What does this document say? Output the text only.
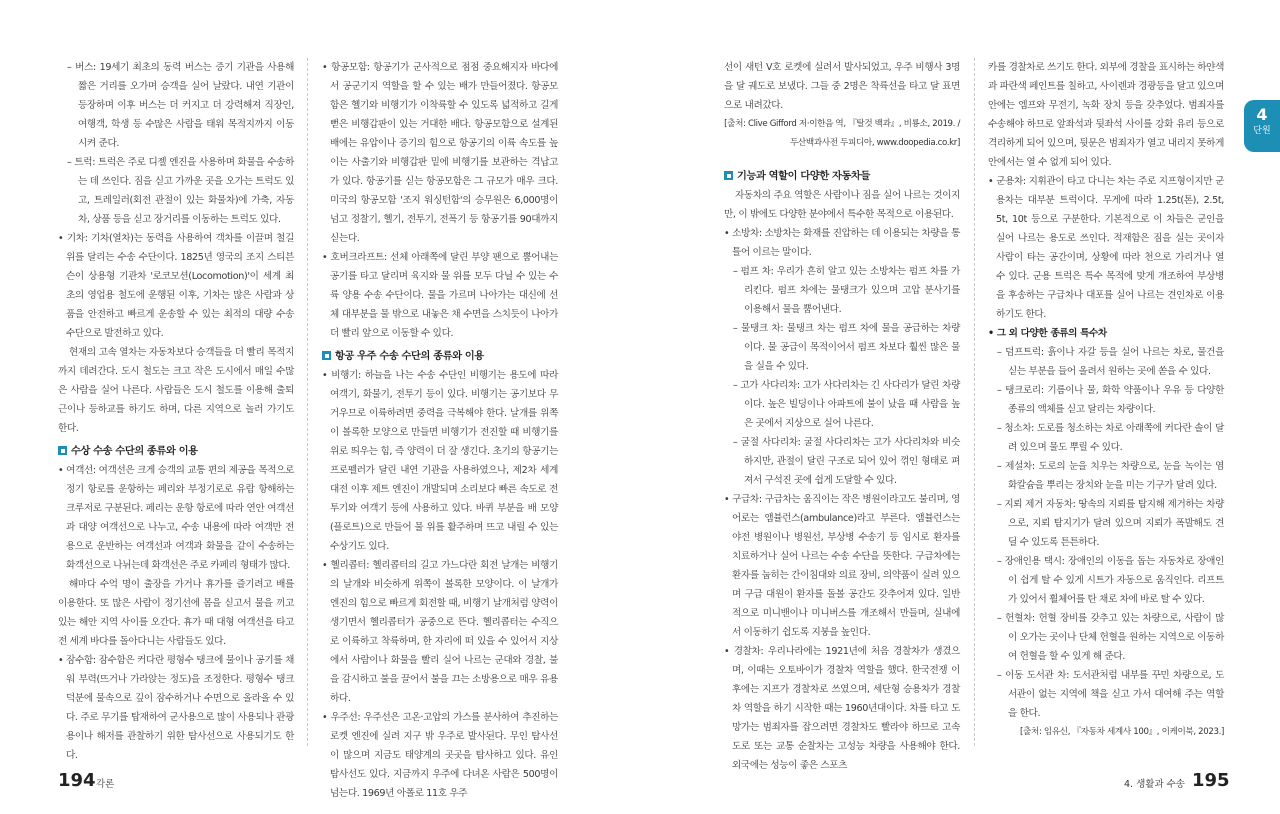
4
단원

– 버스: 19세기 최초의 동력 버스는 증기 기관을 사용해 짧은 거리를 오가며 승객을 실어 날랐다. 내연 기관이 등장하며 이후 버스는 더 커지고 더 강력해져 직장인, 여행객, 학생 등 수많은 사람을 태워 목적지까지 이동시켜 준다.

– 트럭: 트럭은 주로 디젤 엔진을 사용하며 화물을 수송하는 데 쓰인다. 짐을 싣고 가까운 곳을 오가는 트럭도 있고, 트레일러(회전 관절이 있는 화물차)에 가축, 자동차, 상품 등을 싣고 장거리를 이동하는 트럭도 있다.

• 기차: 기차(열차)는 동력을 사용하여 객차를 이끌며 철길 위를 달리는 수송 수단이다. 1825년 영국의 조지 스티븐슨이 상용형 기관차 '로코모션(Locomotion)'이 세계 최초의 영업용 철도에 운행된 이후, 기차는 많은 사람과 상품을 안전하고 빠르게 운송할 수 있는 최적의 대량 수송 수단으로 발전하고 있다.

현재의 고속 열차는 자동차보다 승객들을 더 빨리 목적지까지 데려간다. 도시 철도는 크고 작은 도시에서 매일 수많은 사람을 실어 나른다. 사람들은 도시 철도를 이용해 출퇴근이나 등하교를 하기도 하며, 다른 지역으로 놀러 가기도 한다.

수상 수송 수단의 종류와 이용

• 여객선: 여객선은 크게 승객의 교통 편의 제공을 목적으로 정기 항로를 운항하는 페리와 부정기로로 유람 항해하는 크루저로 구분된다. 페리는 운항 항로에 따라 연안 여객선과 대양 여객선으로 나누고, 수송 내용에 따라 여객만 전용으로 운반하는 여객선과 여객과 화물을 같이 수송하는 화객선으로 나뉘는데 화객선은 주로 카페리 형태가 많다.

해마다 수억 명이 출장을 가거나 휴가를 즐기려고 배를 이용한다. 또 많은 사람이 정기선에 몸을 싣고서 물을 끼고 있는 해안 지역 사이를 오간다. 휴가 때 대형 여객선을 타고 전 세계 바다를 돌아다니는 사람들도 있다.

• 잠수함: 잠수함은 커다란 평형수 탱크에 물이나 공기를 채워 부력(뜨거나 가라앉는 정도)을 조정한다. 평형수 탱크 덕분에 물속으로 깊이 잠수하거나 수면으로 올라올 수 있다. 주로 무기를 탑재하여 군사용으로 많이 사용되나 관광용이나 해저를 관찰하기 위한 탐사선으로 사용되기도 한다.

• 항공모함: 항공기가 군사적으로 점점 중요해지자 바다에서 공군기지 역할을 할 수 있는 배가 만들어졌다. 항공모함은 헬기와 비행기가 이착륙할 수 있도록 넓적하고 길게 뻗은 비행갑판이 있는 거대한 배다. 항공모함으로 설계된 배에는 유압이나 증기의 힘으로 항공기의 이륙 속도를 높이는 사출기와 비행갑판 밑에 비행기를 보관하는 격납고가 있다. 항공기를 싣는 항공모함은 그 규모가 매우 크다. 미국의 항공모함 '조지 워싱턴함'의 승무원은 6,000명이 넘고 정찰기, 헬기, 전투기, 전폭기 등 항공기를 90대까지 싣는다.

• 호버크라프트: 선체 아래쪽에 달린 부양 팬으로 뿜어내는 공기를 타고 달리며 육지와 물 위를 모두 다닐 수 있는 수륙 양용 수송 수단이다. 물을 가르며 나아가는 대신에 선체 대부분을 물 밖으로 내놓은 채 수면을 스치듯이 나아가 더 빨리 앞으로 이동할 수 있다.

항공 우주 수송 수단의 종류와 이용

• 비행기: 하늘을 나는 수송 수단인 비행기는 용도에 따라 여객기, 화물기, 전투기 등이 있다. 비행기는 공기보다 무거우므로 이륙하려면 중력을 극복해야 한다. 날개를 위쪽이 볼록한 모양으로 만들면 비행기가 전진할 때 비행기를 위로 띄우는 힘, 즉 양력이 더 잘 생긴다. 초기의 항공기는 프로펠러가 달린 내연 기관을 사용하였으나, 제2차 세계대전 이후 제트 엔진이 개발되며 소리보다 빠른 속도로 전투기와 여객기 등에 사용하고 있다. 바퀴 부분을 배 모양(플로트)으로 만들어 물 위를 활주하며 뜨고 내릴 수 있는 수상기도 있다.

• 헬리콥터: 헬리콥터의 길고 가느다란 회전 날개는 비행기의 날개와 비슷하게 위쪽이 볼록한 모양이다. 이 날개가 엔진의 힘으로 빠르게 회전할 때, 비행기 날개처럼 양력이 생기면서 헬리콥터가 공중으로 뜬다. 헬리콥터는 수직으로 이륙하고 착륙하며, 한 자리에 떠 있을 수 있어서 지상에서 사람이나 화물을 빨리 실어 나르는 군대와 경찰, 불을 감시하고 불을 끌어서 불을 끄는 소방용으로 매우 유용하다.

• 우주선: 우주선은 고온·고압의 가스를 분사하여 추진하는 로켓 엔진에 실려 지구 밖 우주로 발사된다. 무인 탐사선이 많으며 지금도 태양계의 곳곳을 탐사하고 있다. 유인 탐사선도 있다. 지금까지 우주에 다녀온 사람은 500명이 넘는다. 1969년 아폴로 11호 우주

선이 새턴 V호 로켓에 실려서 발사되었고, 우주 비행사 3명을 달 궤도로 보냈다. 그들 중 2명은 착륙선을 타고 달 표면으로 내려갔다.

[출처: Clive Gifford 저·이한음 역, 『탈것 백과』, 비룡소, 2019. / 두산백과사전 두피디아, www.doopedia.co.kr]

기능과 역할이 다양한 자동차들

자동차의 주요 역할은 사람이나 짐을 실어 나르는 것이지만, 이 밖에도 다양한 분야에서 특수한 목적으로 이용된다.

• 소방차: 소방차는 화재를 진압하는 데 이용되는 차량을 통틀어 이르는 말이다.

– 펌프 차: 우리가 흔히 알고 있는 소방차는 펌프 차를 가리킨다. 펌프 차에는 물탱크가 있으며 고압 분사기를 이용해서 물을 뿜어낸다.

– 물탱크 차: 물탱크 차는 펌프 차에 물을 공급하는 차량이다. 물 공급이 목적이어서 펌프 차보다 훨씬 많은 물을 실을 수 있다.

– 고가 사다리차: 고가 사다리차는 긴 사다리가 달린 차량이다. 높은 빌딩이나 아파트에 불이 났을 때 사람을 높은 곳에서 지상으로 실어 나른다.

– 굴절 사다리차: 굴절 사다리차는 고가 사다리차와 비슷하지만, 관절이 달린 구조로 되어 있어 꺾인 형태로 펴져서 구석진 곳에 쉽게 도달할 수 있다.

• 구급차: 구급차는 움직이는 작은 병원이라고도 불리며, 영어로는 앰뷸런스(ambulance)라고 부른다. 앰뷸런스는 야전 병원이나 병원선, 부상병 수송기 등 임시로 환자를 치료하거나 실어 나르는 수송 수단을 뜻한다. 구급차에는 환자를 눕히는 간이침대와 의료 장비, 의약품이 실려 있으며 구급 대원이 환자를 돌볼 공간도 갖추어져 있다. 일반적으로 미니밴이나 미니버스를 개조해서 만들며, 실내에서 이동하기 쉽도록 지붕을 높인다.

• 경찰차: 우리나라에는 1921년에 처음 경찰차가 생겼으며, 이때는 오토바이가 경찰차 역할을 했다. 한국전쟁 이후에는 지프가 경찰차로 쓰였으며, 세단형 승용차가 경찰차 역할을 하기 시작한 때는 1960년대이다. 차를 타고 도망가는 범죄자를 잡으려면 경찰차도 빨라야 하므로 고속도로 또는 교통 순찰차는 고성능 차량을 사용해야 한다. 외국에는 성능이 좋은 스포츠

카를 경찰차로 쓰기도 한다. 외부에 경찰을 표시하는 하얀색과 파란색 페인트를 칠하고, 사이렌과 경광등을 달고 있으며 안에는 엠프와 무전기, 녹화 장치 등을 갖추었다. 범죄자를 수송해야 하므로 앞좌석과 뒷좌석 사이를 강화 유리 등으로 격리하게 되어 있으며, 뒷문은 범죄자가 열고 내리지 못하게 안에서는 열 수 없게 되어 있다.

• 군용차: 지휘관이 타고 다니는 차는 주로 지프형이지만 군용차는 대부분 트럭이다. 무게에 따라 1.25t(톤), 2.5t, 5t, 10t 등으로 구분한다. 기본적으로 이 차들은 군인을 실어 나르는 용도로 쓰인다. 적재함은 짐을 실는 곳이자 사람이 타는 공간이며, 상황에 따라 천으로 가리거나 열 수 있다. 군용 트럭은 특수 목적에 맞게 개조하여 부상병을 후송하는 구급차나 대포를 실어 나르는 견인차로 이용하기도 한다.

• 그 외 다양한 종류의 특수차

– 덤프트럭: 흙이나 자갈 등을 실어 나르는 차로, 물건을 싣는 부분을 들어 올려서 원하는 곳에 쏟을 수 있다.

– 탱크로리: 기름이나 물, 화학 약품이나 우유 등 다양한 종류의 액체를 싣고 달리는 차량이다.

– 청소차: 도로를 청소하는 차로 아래쪽에 커다란 솔이 달려 있으며 물도 뿌릴 수 있다.

– 제설차: 도로의 눈을 치우는 차량으로, 눈을 녹이는 염화칼슘을 뿌리는 장치와 눈을 미는 기구가 달려 있다.

– 지뢰 제거 자동차: 땅속의 지뢰를 탐지해 제거하는 차량으로, 지뢰 탐지기가 달려 있으며 지뢰가 폭발해도 견딜 수 있도록 튼튼하다.

– 장애인용 택시: 장애인의 이동을 돕는 자동차로 장애인이 쉽게 탈 수 있게 시트가 자동으로 움직인다. 리프트가 있어서 휠체어를 탄 채로 차에 바로 탈 수 있다.

– 헌혈차: 헌혈 장비를 갖추고 있는 차량으로, 사람이 많이 오가는 곳이나 단체 헌혈을 원하는 지역으로 이동하여 헌혈을 할 수 있게 해 준다.

– 이동 도서관 차: 도서관처럼 내부를 꾸민 차량으로, 도서관이 없는 지역에 책을 싣고 가서 대여해 주는 역할을 한다.

[출처: 임유신, 『자동차 세계사 100』, 이케이북, 2023.]

194 각론	4. 생활과 수송 195
